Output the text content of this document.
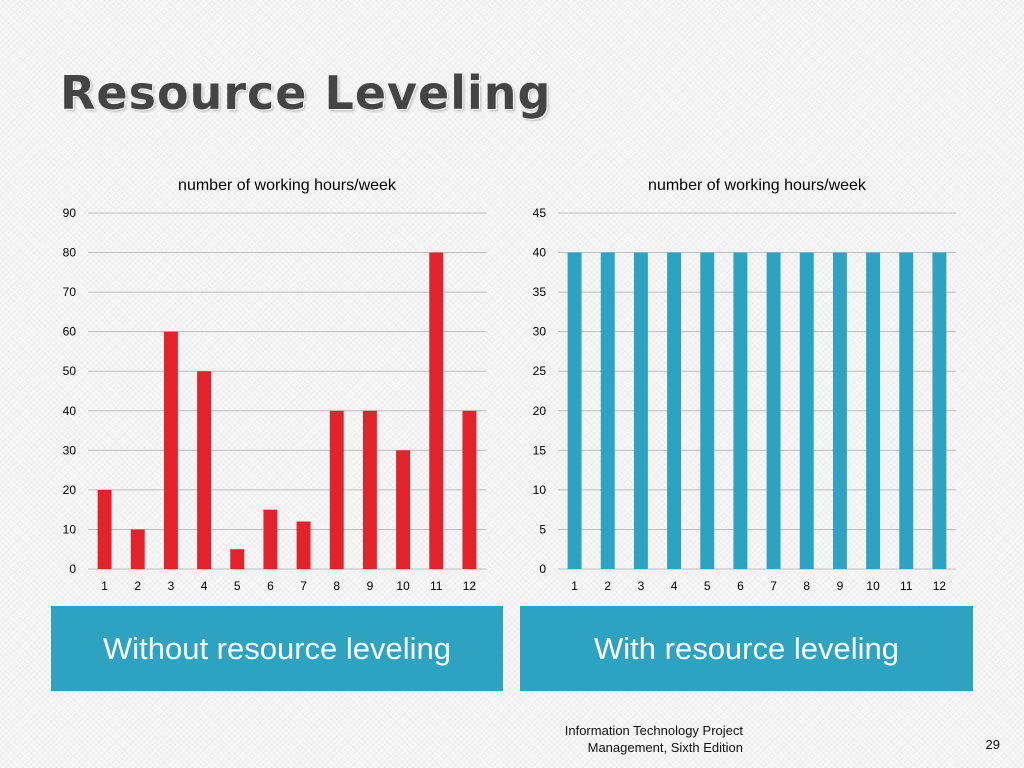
Resource Leveling
number of working hours/week
0
10
20
30
40
50
60
70
80
90
1 2 3 4 5 6 7 8 9 10 11 12
number of working hours/week
0
5
10
15
20
25
30
35
40
45
1 2 3 4 5 6 7 8 9 10 11 12
Without resource leveling	With resource leveling
Information Technology Project
Management, Sixth Edition	29
